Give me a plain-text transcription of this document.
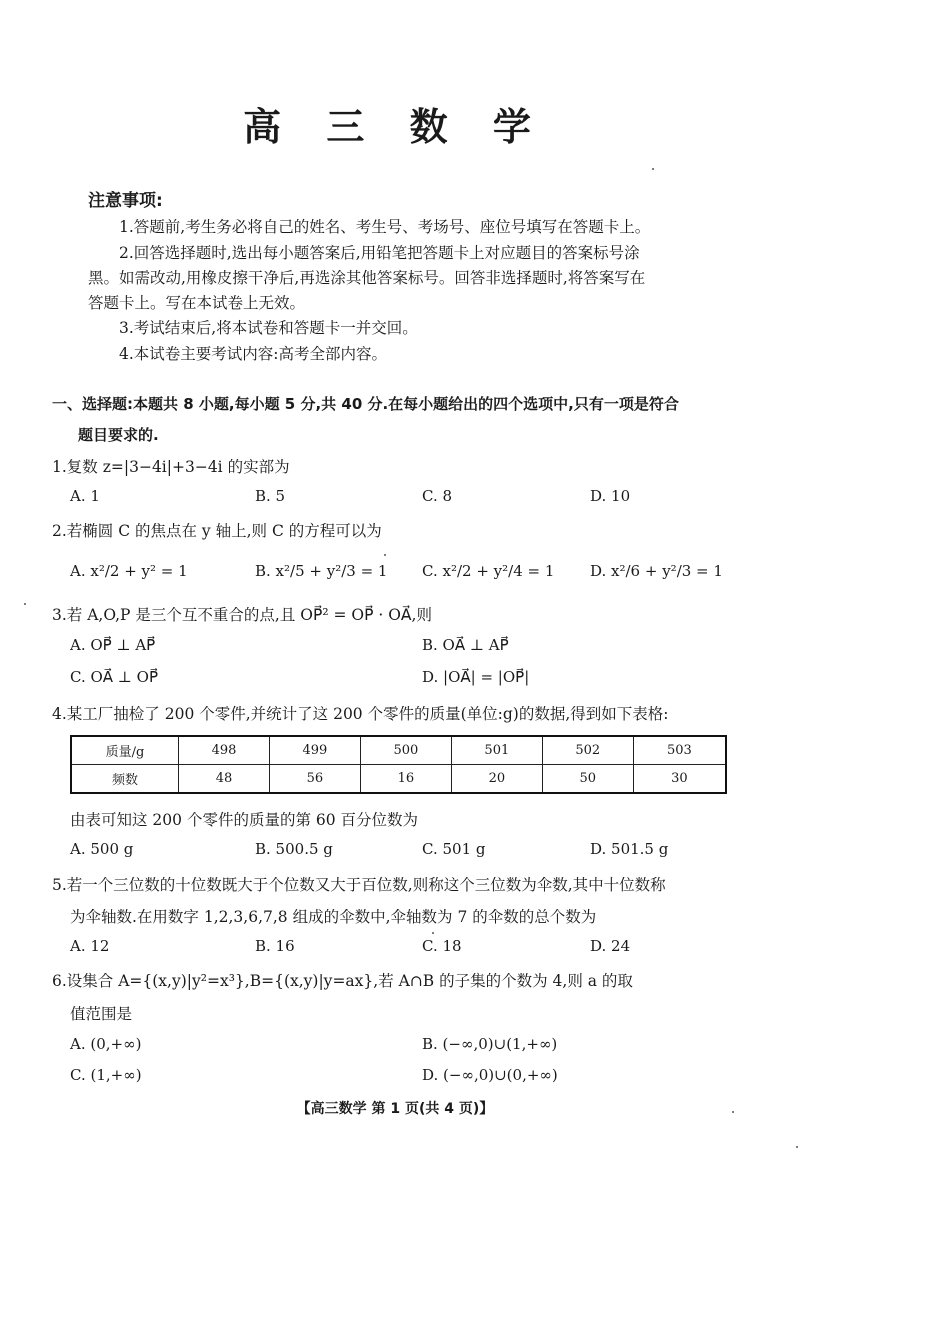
高 三 数 学
注意事项:
1.答题前,考生务必将自己的姓名、考生号、考场号、座位号填写在答题卡上。
2.回答选择题时,选出每小题答案后,用铅笔把答题卡上对应题目的答案标号涂
黑。如需改动,用橡皮擦干净后,再选涂其他答案标号。回答非选择题时,将答案写在
答题卡上。写在本试卷上无效。
3.考试结束后,将本试卷和答题卡一并交回。
4.本试卷主要考试内容:高考全部内容。
一、选择题:本题共 8 小题,每小题 5 分,共 40 分.在每小题给出的四个选项中,只有一项是符合
题目要求的.
1.复数 z=|3−4i|+3−4i 的实部为
A. 1	B. 5	C. 8	D. 10
2.若椭圆 C 的焦点在 y 轴上,则 C 的方程可以为
A. x²/2 + y² = 1	B. x²/5 + y²/3 = 1 C. x²/2 + y²/4 = 1 D. x²/6 + y²/3 = 1
3.若 A,O,P 是三个互不重合的点,且 OP⃗² = OP⃗ · OA⃗,则
A. OP⃗ ⊥ AP⃗	B. OA⃗ ⊥ AP⃗
C. OA⃗ ⊥ OP⃗	D. |OA⃗| = |OP⃗|
4.某工厂抽检了 200 个零件,并统计了这 200 个零件的质量(单位:g)的数据,得到如下表格:
质量/g	498	499	500	501	502	503
频数	48	56	16	20	50	30
由表可知这 200 个零件的质量的第 60 百分位数为
A. 500 g	B. 500.5 g	C. 501 g	D. 501.5 g
5.若一个三位数的十位数既大于个位数又大于百位数,则称这个三位数为伞数,其中十位数称
为伞轴数.在用数字 1,2,3,6,7,8 组成的伞数中,伞轴数为 7 的伞数的总个数为
A. 12	B. 16	C. 18	D. 24
6.设集合 A={(x,y)|y²=x³},B={(x,y)|y=ax},若 A∩B 的子集的个数为 4,则 a 的取
值范围是
A. (0,+∞)	B. (−∞,0)∪(1,+∞)
C. (1,+∞)	D. (−∞,0)∪(0,+∞)
【高三数学 第 1 页(共 4 页)】
